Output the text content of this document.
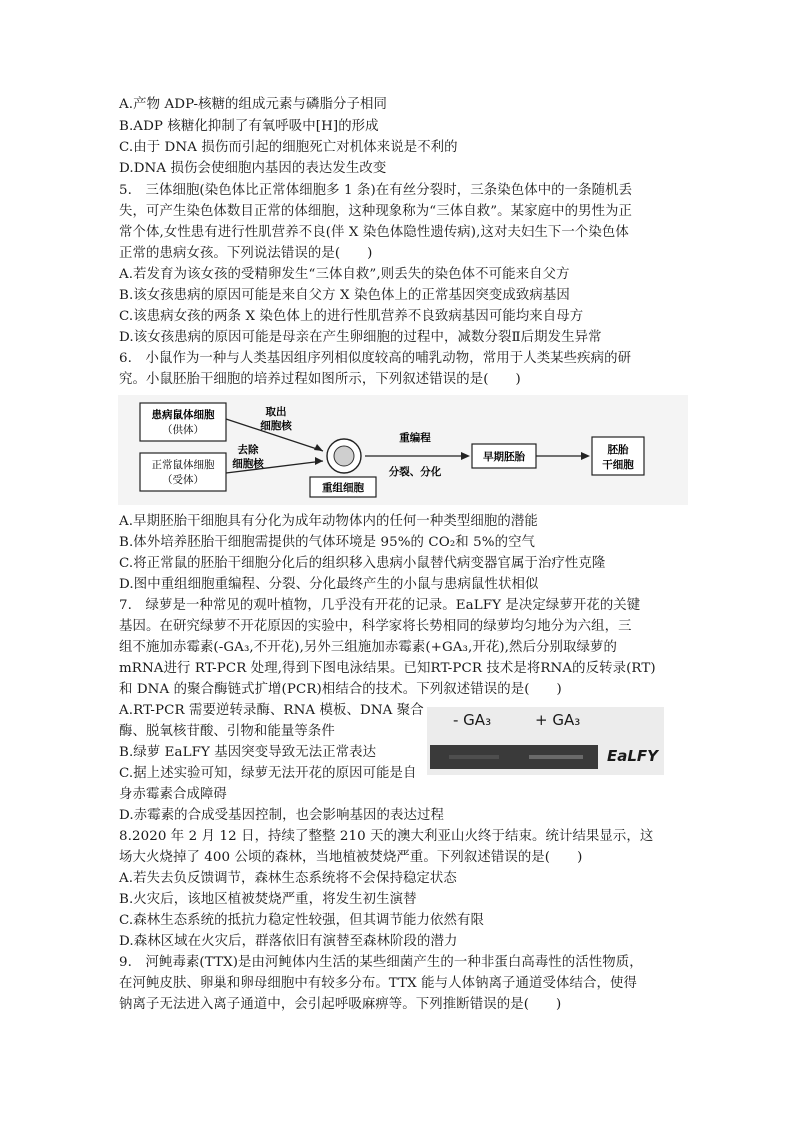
A.产物 ADP-核糖的组成元素与磷脂分子相同
B.ADP 核糖化抑制了有氧呼吸中[H]的形成
C.由于 DNA 损伤而引起的细胞死亡对机体来说是不利的
D.DNA 损伤会使细胞内基因的表达发生改变
5.　三体细胞(染色体比正常体细胞多 1 条)在有丝分裂时，三条染色体中的一条随机丢
失，可产生染色体数目正常的体细胞，这种现象称为“三体自救”。某家庭中的男性为正
常个体,女性患有进行性肌营养不良(伴 X 染色体隐性遗传病),这对夫妇生下一个染色体
正常的患病女孩。下列说法错误的是(　　)
A.若发育为该女孩的受精卵发生“三体自救”,则丢失的染色体不可能来自父方
B.该女孩患病的原因可能是来自父方 X 染色体上的正常基因突变成致病基因
C.该患病女孩的两条 X 染色体上的进行性肌营养不良致病基因可能均来自母方
D.该女孩患病的原因可能是母亲在产生卵细胞的过程中，减数分裂Ⅱ后期发生异常
6.　小鼠作为一种与人类基因组序列相似度较高的哺乳动物，常用于人类某些疾病的研
究。小鼠胚胎干细胞的培养过程如图所示，下列叙述错误的是(　　)
患病鼠体细胞
（供体）
正常鼠体细胞
（受体）
取出
细胞核
去除
细胞核
重组细胞
重编程
分裂、分化
早期胚胎
胚胎
干细胞
A.早期胚胎干细胞具有分化为成年动物体内的任何一种类型细胞的潜能
B.体外培养胚胎干细胞需提供的气体环境是 95%的 CO₂和 5%的空气
C.将正常鼠的胚胎干细胞分化后的组织移入患病小鼠替代病变器官属于治疗性克隆
D.图中重组细胞重编程、分裂、分化最终产生的小鼠与患病鼠性状相似
7.　绿萝是一种常见的观叶植物，几乎没有开花的记录。EaLFY 是决定绿萝开花的关键
基因。在研究绿萝不开花原因的实验中，科学家将长势相同的绿萝均匀地分为六组，三
组不施加赤霉素(-GA₃,不开花),另外三组施加赤霉素(+GA₃,开花),然后分别取绿萝的
mRNA进行 RT-PCR 处理,得到下图电泳结果。已知RT-PCR 技术是将RNA的反转录(RT)
和 DNA 的聚合酶链式扩增(PCR)相结合的技术。下列叙述错误的是(　　)
A.RT-PCR 需要逆转录酶、RNA 模板、DNA 聚合
酶、脱氧核苷酸、引物和能量等条件
B.绿萝 EaLFY 基因突变导致无法正常表达
C.据上述实验可知，绿萝无法开花的原因可能是自
身赤霉素合成障碍
D.赤霉素的合成受基因控制，也会影响基因的表达过程
- GA₃	+ GA₃
EaLFY
8.2020 年 2 月 12 日，持续了整整 210 天的澳大利亚山火终于结束。统计结果显示，这
场大火烧掉了 400 公顷的森林，当地植被焚烧严重。下列叙述错误的是(　　)
A.若失去负反馈调节，森林生态系统将不会保持稳定状态
B.火灾后，该地区植被焚烧严重，将发生初生演替
C.森林生态系统的抵抗力稳定性较强，但其调节能力依然有限
D.森林区域在火灾后，群落依旧有演替至森林阶段的潜力
9.　河鲀毒素(TTX)是由河鲀体内生活的某些细菌产生的一种非蛋白高毒性的活性物质，
在河鲀皮肤、卵巢和卵母细胞中有较多分布。TTX 能与人体钠离子通道受体结合，使得
钠离子无法进入离子通道中，会引起呼吸麻痹等。下列推断错误的是(　　)
